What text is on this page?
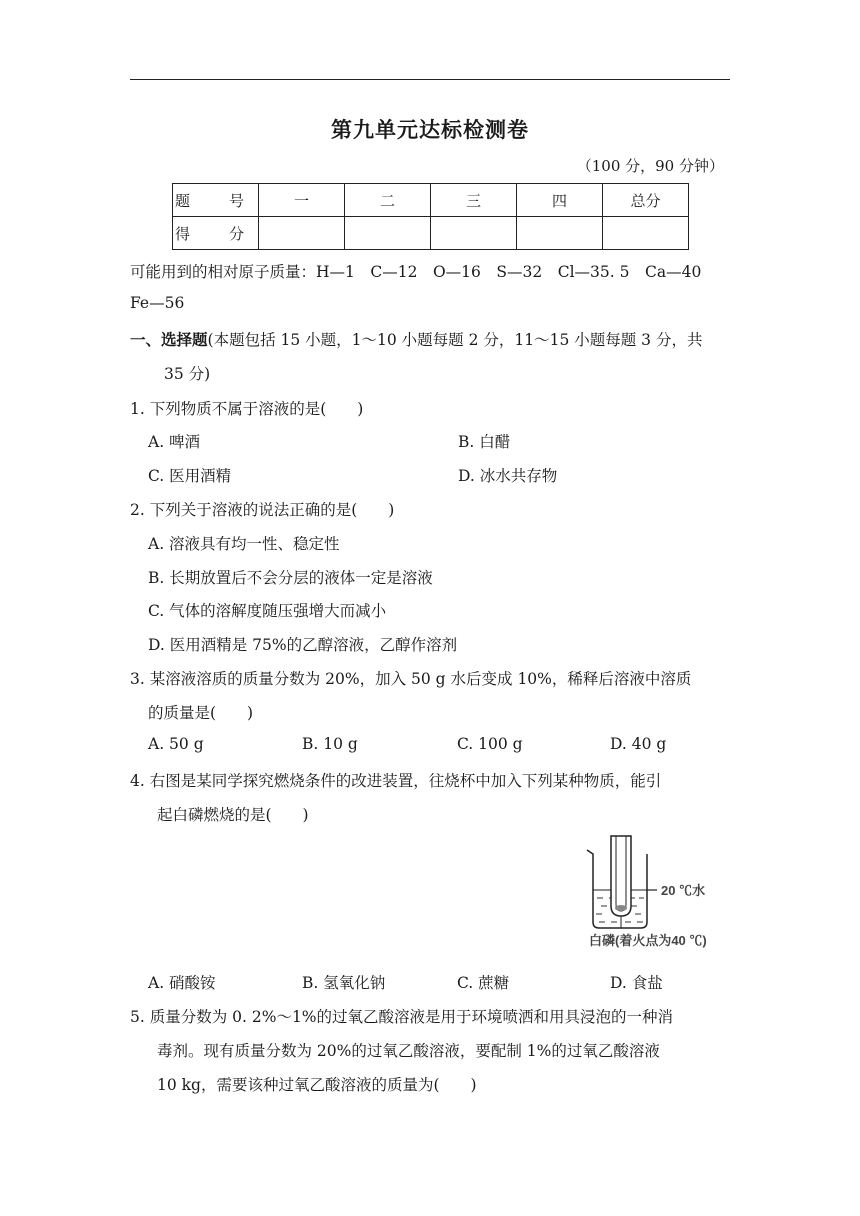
第九单元达标检测卷
（100 分，90 分钟）
题　号	一	二	三	四	总分
得　分					
可能用到的相对原子质量：H—1　C—12　O—16　S—32　Cl—35. 5　Ca—40
Fe—56
一、选择题(本题包括 15 小题，1～10 小题每题 2 分，11～15 小题每题 3 分，共
35 分)
1. 下列物质不属于溶液的是(　　)
A. 啤酒	B. 白醋
C. 医用酒精	D. 冰水共存物
2. 下列关于溶液的说法正确的是(　　)
A. 溶液具有均一性、稳定性
B. 长期放置后不会分层的液体一定是溶液
C. 气体的溶解度随压强增大而减小
D. 医用酒精是 75%的乙醇溶液，乙醇作溶剂
3. 某溶液溶质的质量分数为 20%，加入 50 g 水后变成 10%，稀释后溶液中溶质
的质量是(　　)
A. 50 g	B. 10 g	C. 100 g	D. 40 g
4. 右图是某同学探究燃烧条件的改进装置，往烧杯中加入下列某种物质，能引
起白磷燃烧的是(　　)
20 ℃水
白磷(着火点为40 ℃)
A. 硝酸铵	B. 氢氧化钠	C. 蔗糖	D. 食盐
5. 质量分数为 0. 2%～1%的过氧乙酸溶液是用于环境喷洒和用具浸泡的一种消
毒剂。现有质量分数为 20%的过氧乙酸溶液，要配制 1%的过氧乙酸溶液
10 kg，需要该种过氧乙酸溶液的质量为(　　)
